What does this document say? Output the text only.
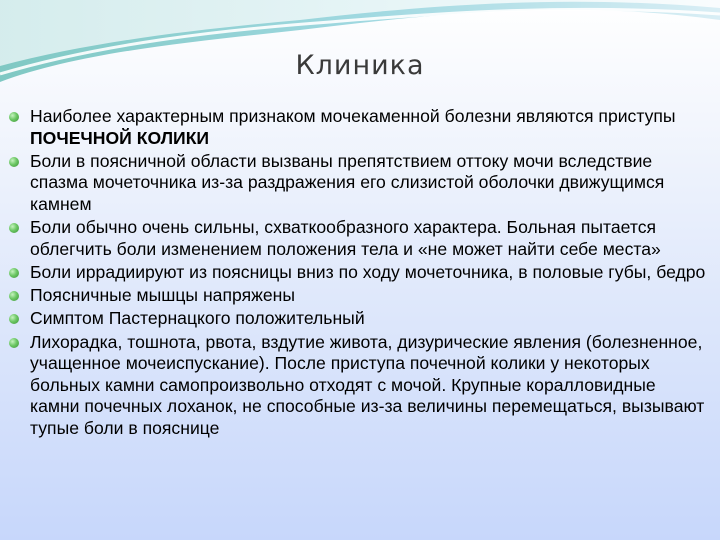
Клиника
Наиболее характерным признаком мочекаменной болезни являются приступы ПОЧЕЧНОЙ КОЛИКИ
Боли в поясничной области вызваны препятствием оттоку мочи вследствие спазма мочеточника из-за раздражения его слизистой оболочки движущимся камнем
Боли обычно очень сильны, схваткообразного характера. Больная пытается облегчить боли изменением положения тела и «не может найти себе места»
Боли иррадиируют из поясницы вниз по ходу мочеточника, в половые губы, бедро
Поясничные мышцы напряжены
Симптом Пастернацкого положительный
Лихорадка, тошнота, рвота, вздутие живота, дизурические явления (болезненное, учащенное мочеиспускание). После приступа почечной колики у некоторых больных камни самопроизвольно отходят с мочой. Крупные коралловидные камни почечных лоханок, не способные из-за величины перемещаться, вызывают тупые боли в пояснице
